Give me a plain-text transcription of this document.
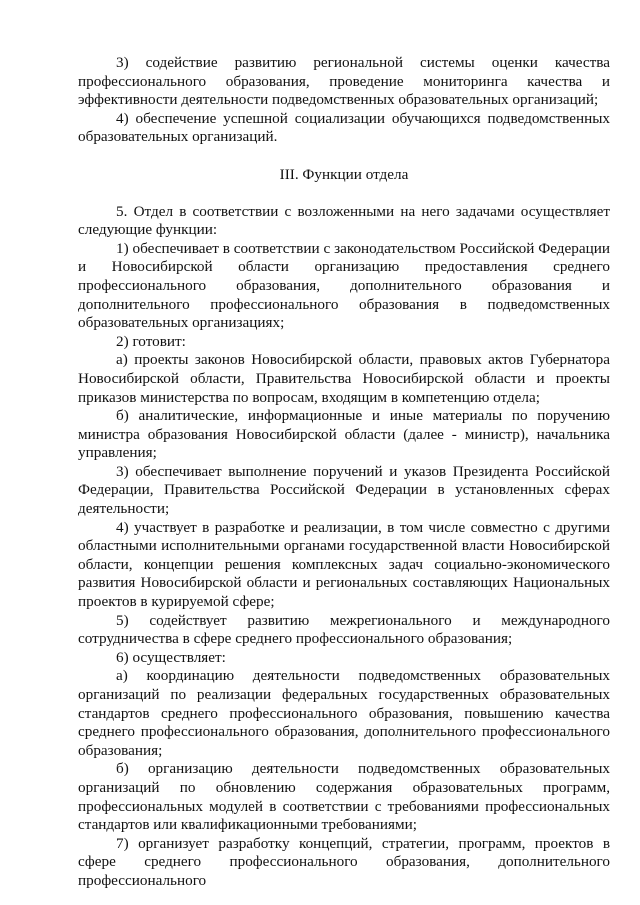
3) содействие развитию региональной системы оценки качества профессионального образования, проведение мониторинга качества и эффективности деятельности подведомственных образовательных организаций;

4) обеспечение успешной социализации обучающихся подведомственных образовательных организаций.

III. Функции отдела

5. Отдел в соответствии с возложенными на него задачами осуществляет следующие функции:

1) обеспечивает в соответствии с законодательством Российской Федерации и Новосибирской области организацию предоставления среднего профессионального образования, дополнительного образования и дополнительного профессионального образования в подведомственных образовательных организациях;

2) готовит:

а) проекты законов Новосибирской области, правовых актов Губернатора Новосибирской области, Правительства Новосибирской области и проекты приказов министерства по вопросам, входящим в компетенцию отдела;

б) аналитические, информационные и иные материалы по поручению министра образования Новосибирской области (далее - министр), начальника управления;

3) обеспечивает выполнение поручений и указов Президента Российской Федерации, Правительства Российской Федерации в установленных сферах деятельности;

4) участвует в разработке и реализации, в том числе совместно с другими областными исполнительными органами государственной власти Новосибирской области, концепции решения комплексных задач социально-экономического развития Новосибирской области и региональных составляющих Национальных проектов в курируемой сфере;

5) содействует развитию межрегионального и международного сотрудничества в сфере среднего профессионального образования;

6) осуществляет:

а) координацию деятельности подведомственных образовательных организаций по реализации федеральных государственных образовательных стандартов среднего профессионального образования, повышению качества среднего профессионального образования, дополнительного профессионального образования;

б) организацию деятельности подведомственных образовательных организаций по обновлению содержания образовательных программ, профессиональных модулей в соответствии с требованиями профессиональных стандартов или квалификационными требованиями;

7) организует разработку концепций, стратегии, программ, проектов в сфере среднего профессионального образования, дополнительного профессионального
